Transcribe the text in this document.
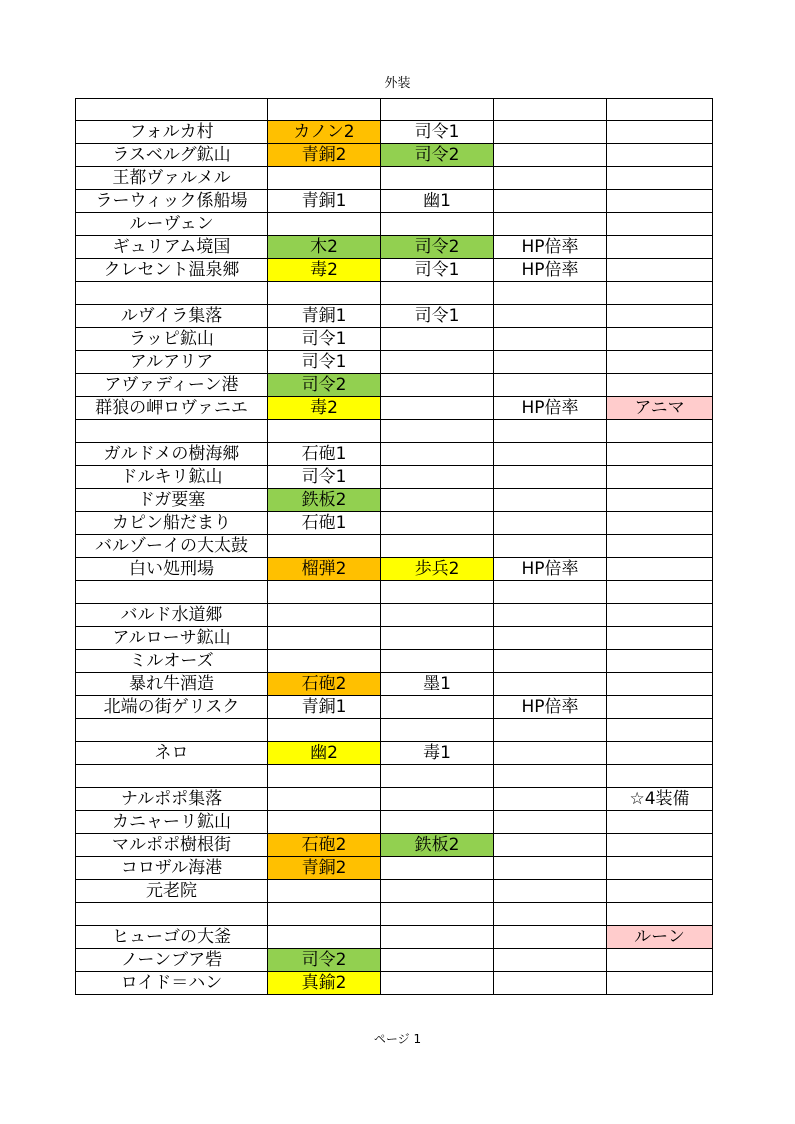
外装

フォルカ村	カノン2	司令1		
ラスベルグ鉱山	青銅2	司令2		
王都ヴァルメル				
ラーウィック係船場	青銅1	幽1		
ルーヴェン				
ギュリアム境国	木2	司令2	HP倍率	
クレセント温泉郷	毒2	司令1	HP倍率	

ルヴイラ集落	青銅1	司令1		
ラッピ鉱山	司令1			
アルアリア	司令1			
アヴァディーン港	司令2			
群狼の岬ロヴァニエ	毒2		HP倍率	アニマ

ガルドメの樹海郷	石砲1			
ドルキリ鉱山	司令1			
ドガ要塞	鉄板2			
カピン船だまり	石砲1			
バルゾーイの大太鼓				
白い処刑場	榴弾2	歩兵2	HP倍率	

バルド水道郷				
アルローサ鉱山				
ミルオーズ				
暴れ牛酒造	石砲2	墨1		
北端の街ゲリスク	青銅1		HP倍率	

ネロ	幽2	毒1		

ナルポポ集落				☆4装備
カニャーリ鉱山				
マルポポ樹根街	石砲2	鉄板2		
コロザル海港	青銅2			
元老院				

ヒューゴの大釜				ルーン
ノーンブア砦	司令2			
ロイド＝ハン	真鍮2			
ページ 1
